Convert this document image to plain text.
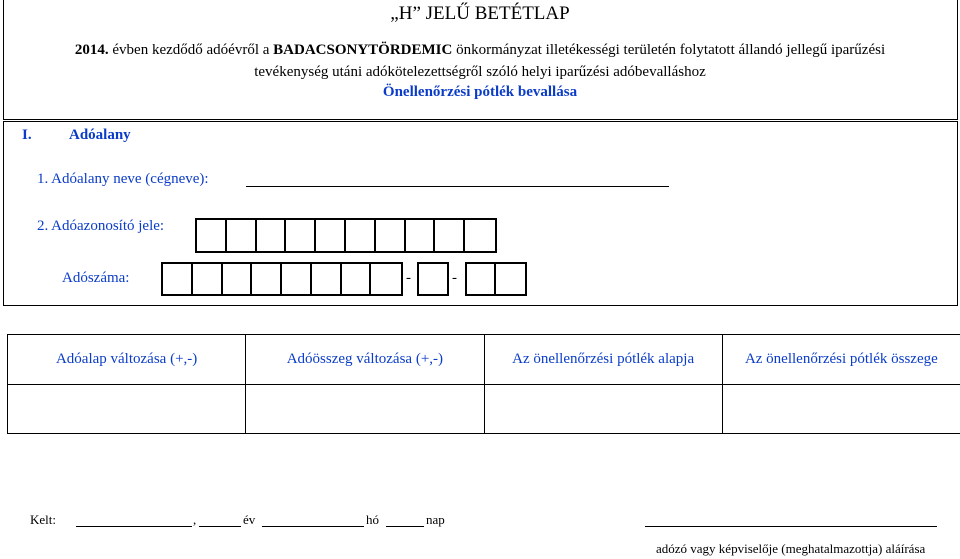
„H” JELŰ BETÉTLAP
2014. évben kezdődő adóévről a BADACSONYTÖRDEMIC önkormányzat illetékességi területén folytatott állandó jellegű iparűzési
tevékenység utáni adókötelezettségről szóló helyi iparűzési adóbevalláshoz
Önellenőrzési pótlék bevallása
I. Adóalany
1. Adóalany neve (cégneve):
2. Adóazonosító jele:
Adószáma:	-	-
Adóalap változása (+,-)	Adóösszeg változása (+,-)	Az önellenőrzési pótlék alapja	Az önellenőrzési pótlék összege

Kelt:	,	év	hó	nap
adózó vagy képviselője (meghatalmazottja) aláírása
